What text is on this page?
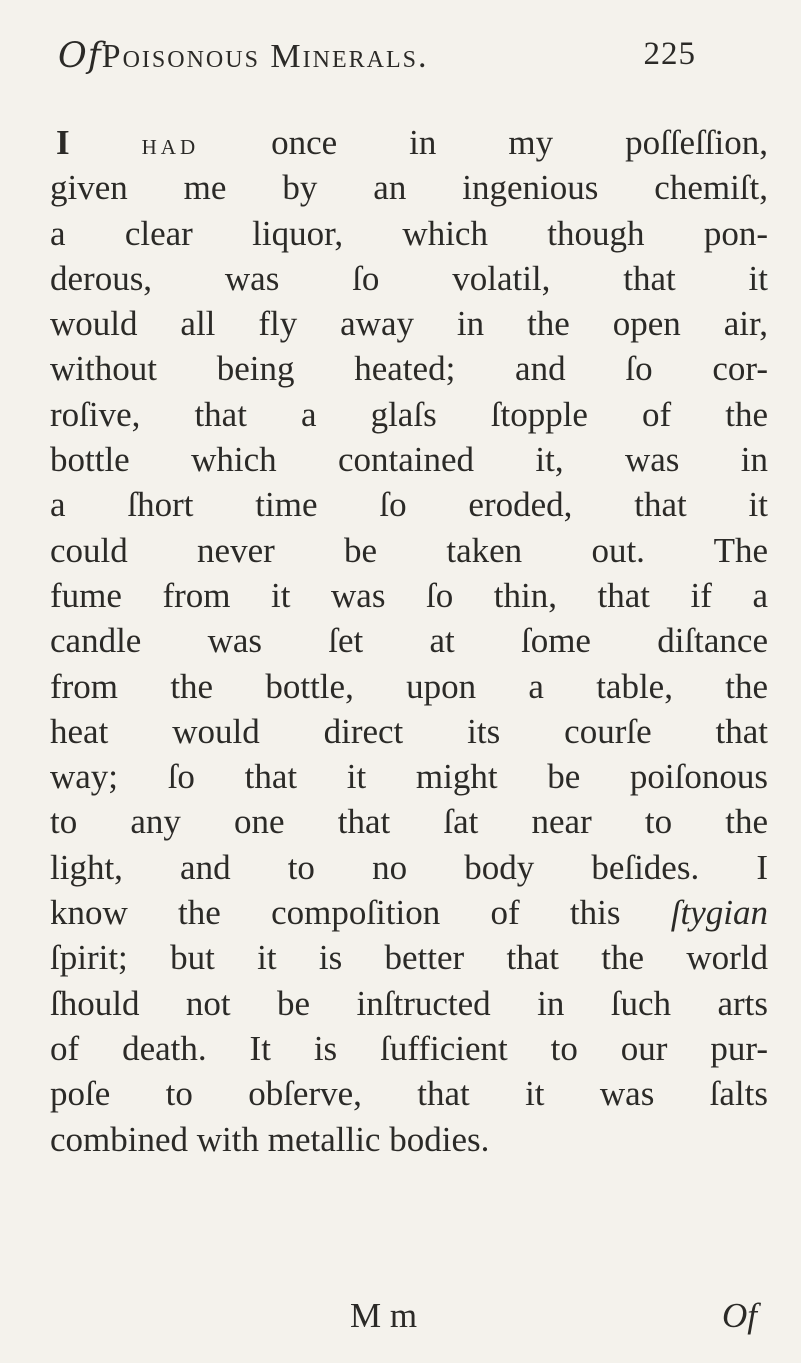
OfPoisonous Minerals.	225
I had once in my poſſeſſion,
given me by an ingenious chemiſt,
a clear liquor, which though pon-
derous, was ſo volatil, that it
would all fly away in the open air,
without being heated; and ſo cor-
roſive, that a glaſs ſtopple of the
bottle which contained it, was in
a ſhort time ſo eroded, that it
could never be taken out. The
fume from it was ſo thin, that if a
candle was ſet at ſome diſtance
from the bottle, upon a table, the
heat would direct its courſe that
way; ſo that it might be poiſonous
to any one that ſat near to the
light, and to no body beſides. I
know the compoſition of this ſtygian
ſpirit; but it is better that the world
ſhould not be inſtructed in ſuch arts
of death. It is ſufficient to our pur-
poſe to obſerve, that it was ſalts
combined with metallic bodies.
M m	Of
